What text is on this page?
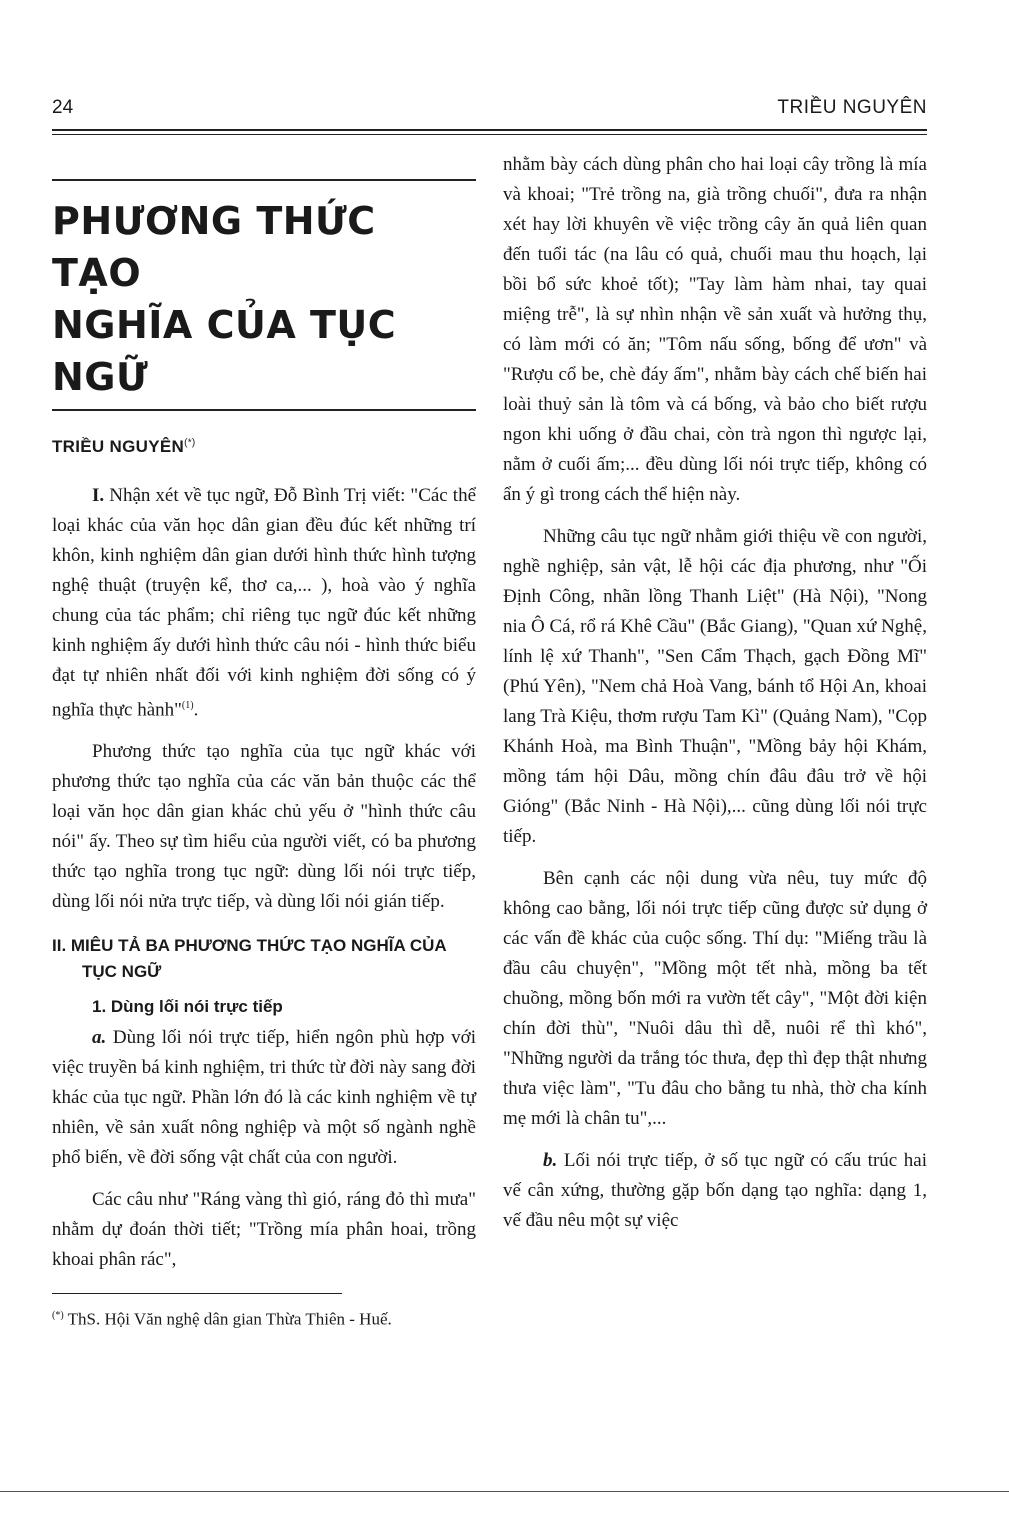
24	TRIỀU NGUYÊN
PHƯƠNG THỨC TẠO
NGHĨA CỦA TỤC NGỮ
TRIỀU NGUYÊN(*)

I. Nhận xét về tục ngữ, Đỗ Bình Trị viết: "Các thể loại khác của văn học dân gian đều đúc kết những trí khôn, kinh nghiệm dân gian dưới hình thức hình tượng nghệ thuật (truyện kể, thơ ca,... ), hoà vào ý nghĩa chung của tác phẩm; chỉ riêng tục ngữ đúc kết những kinh nghiệm ấy dưới hình thức câu nói - hình thức biểu đạt tự nhiên nhất đối với kinh nghiệm đời sống có ý nghĩa thực hành"$^{(1)}$.

Phương thức tạo nghĩa của tục ngữ khác với phương thức tạo nghĩa của các văn bản thuộc các thể loại văn học dân gian khác chủ yếu ở "hình thức câu nói" ấy. Theo sự tìm hiểu của người viết, có ba phương thức tạo nghĩa trong tục ngữ: dùng lối nói trực tiếp, dùng lối nói nửa trực tiếp, và dùng lối nói gián tiếp.

II. MIÊU TẢ BA PHƯƠNG THỨC TẠO NGHĨA CỦA TỤC NGỮ
1. Dùng lối nói trực tiếp

a. Dùng lối nói trực tiếp, hiển ngôn phù hợp với việc truyền bá kinh nghiệm, tri thức từ đời này sang đời khác của tục ngữ. Phần lớn đó là các kinh nghiệm về tự nhiên, về sản xuất nông nghiệp và một số ngành nghề phổ biến, về đời sống vật chất của con người.

Các câu như "Ráng vàng thì gió, ráng đỏ thì mưa" nhằm dự đoán thời tiết; "Trồng mía phân hoai, trồng khoai phân rác",

(*) ThS. Hội Văn nghệ dân gian Thừa Thiên - Huế.

nhằm bày cách dùng phân cho hai loại cây trồng là mía và khoai; "Trẻ trồng na, già trồng chuối", đưa ra nhận xét hay lời khuyên về việc trồng cây ăn quả liên quan đến tuổi tác (na lâu có quả, chuối mau thu hoạch, lại bồi bổ sức khoẻ tốt); "Tay làm hàm nhai, tay quai miệng trễ", là sự nhìn nhận về sản xuất và hưởng thụ, có làm mới có ăn; "Tôm nấu sống, bống để ươn" và "Rượu cổ be, chè đáy ấm", nhằm bày cách chế biến hai loài thuỷ sản là tôm và cá bống, và bảo cho biết rượu ngon khi uống ở đầu chai, còn trà ngon thì ngược lại, nằm ở cuối ấm;... đều dùng lối nói trực tiếp, không có ẩn ý gì trong cách thể hiện này.

Những câu tục ngữ nhằm giới thiệu về con người, nghề nghiệp, sản vật, lễ hội các địa phương, như "Ối Định Công, nhãn lồng Thanh Liệt" (Hà Nội), "Nong nia Ô Cá, rổ rá Khê Cầu" (Bắc Giang), "Quan xứ Nghệ, lính lệ xứ Thanh", "Sen Cẩm Thạch, gạch Đồng Mĩ" (Phú Yên), "Nem chả Hoà Vang, bánh tổ Hội An, khoai lang Trà Kiệu, thơm rượu Tam Kì" (Quảng Nam), "Cọp Khánh Hoà, ma Bình Thuận", "Mồng bảy hội Khám, mồng tám hội Dâu, mồng chín đâu đâu trở về hội Gióng" (Bắc Ninh - Hà Nội),... cũng dùng lối nói trực tiếp.

Bên cạnh các nội dung vừa nêu, tuy mức độ không cao bằng, lối nói trực tiếp cũng được sử dụng ở các vấn đề khác của cuộc sống. Thí dụ: "Miếng trầu là đầu câu chuyện", "Mồng một tết nhà, mồng ba tết chuồng, mồng bốn mới ra vườn tết cây", "Một đời kiện chín đời thù", "Nuôi dâu thì dễ, nuôi rể thì khó", "Những người da trắng tóc thưa, đẹp thì đẹp thật nhưng thưa việc làm", "Tu đâu cho bằng tu nhà, thờ cha kính mẹ mới là chân tu",...

b. Lối nói trực tiếp, ở số tục ngữ có cấu trúc hai vế cân xứng, thường gặp bốn dạng tạo nghĩa: dạng 1, vế đầu nêu một sự việc
